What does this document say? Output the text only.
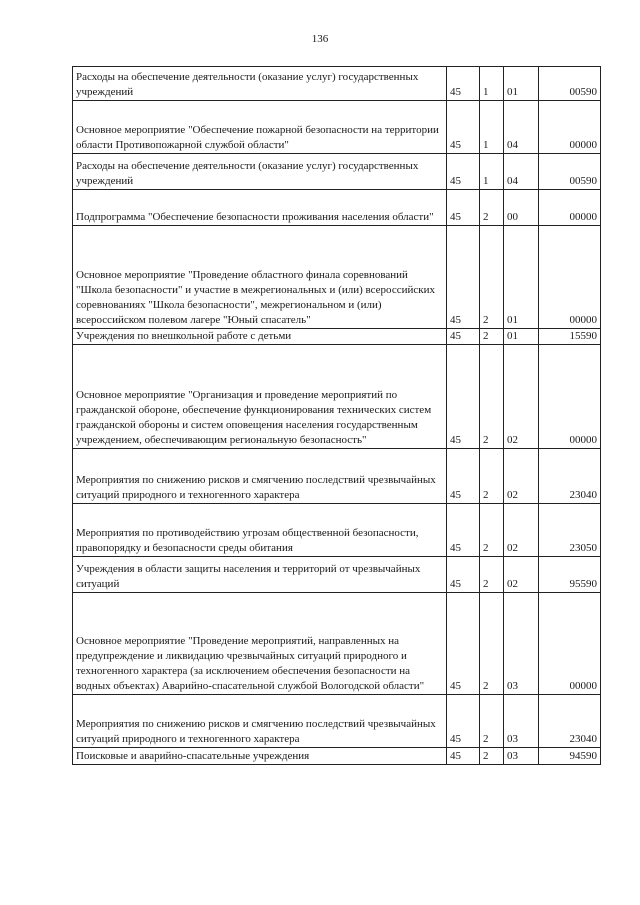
136
Расходы на обеспечение деятельности (оказание услуг) государственных учреждений	45	1	01	00590
Основное мероприятие "Обеспечение пожарной безопасности на территории области Противопожарной службой области"	45	1	04	00000
Расходы на обеспечение деятельности (оказание услуг) государственных учреждений	45	1	04	00590
Подпрограмма "Обеспечение безопасности проживания населения области"	45	2	00	00000
Основное мероприятие "Проведение областного финала соревнований "Школа безопасности" и участие в межрегиональных и (или) всероссийских соревнованиях "Школа безопасности", межрегиональном и (или) всероссийском полевом лагере "Юный спасатель"	45	2	01	00000
Учреждения по внешкольной работе с детьми	45	2	01	15590
Основное мероприятие "Организация и проведение мероприятий по гражданской обороне, обеспечение функционирования технических систем гражданской обороны и систем оповещения населения государственным учреждением, обеспечивающим региональную безопасность"	45	2	02	00000
Мероприятия по снижению рисков и смягчению последствий чрезвычайных ситуаций природного и техногенного характера	45	2	02	23040
Мероприятия по противодействию угрозам общественной безопасности, правопорядку и безопасности среды обитания	45	2	02	23050
Учреждения в области защиты населения и территорий от чрезвычайных ситуаций	45	2	02	95590
Основное мероприятие "Проведение мероприятий, направленных на предупреждение и ликвидацию чрезвычайных ситуаций природного и техногенного характера (за исключением обеспечения безопасности на водных объектах) Аварийно-спасательной службой Вологодской области"	45	2	03	00000
Мероприятия по снижению рисков и смягчению последствий чрезвычайных ситуаций природного и техногенного характера	45	2	03	23040
Поисковые и аварийно-спасательные учреждения	45	2	03	94590
